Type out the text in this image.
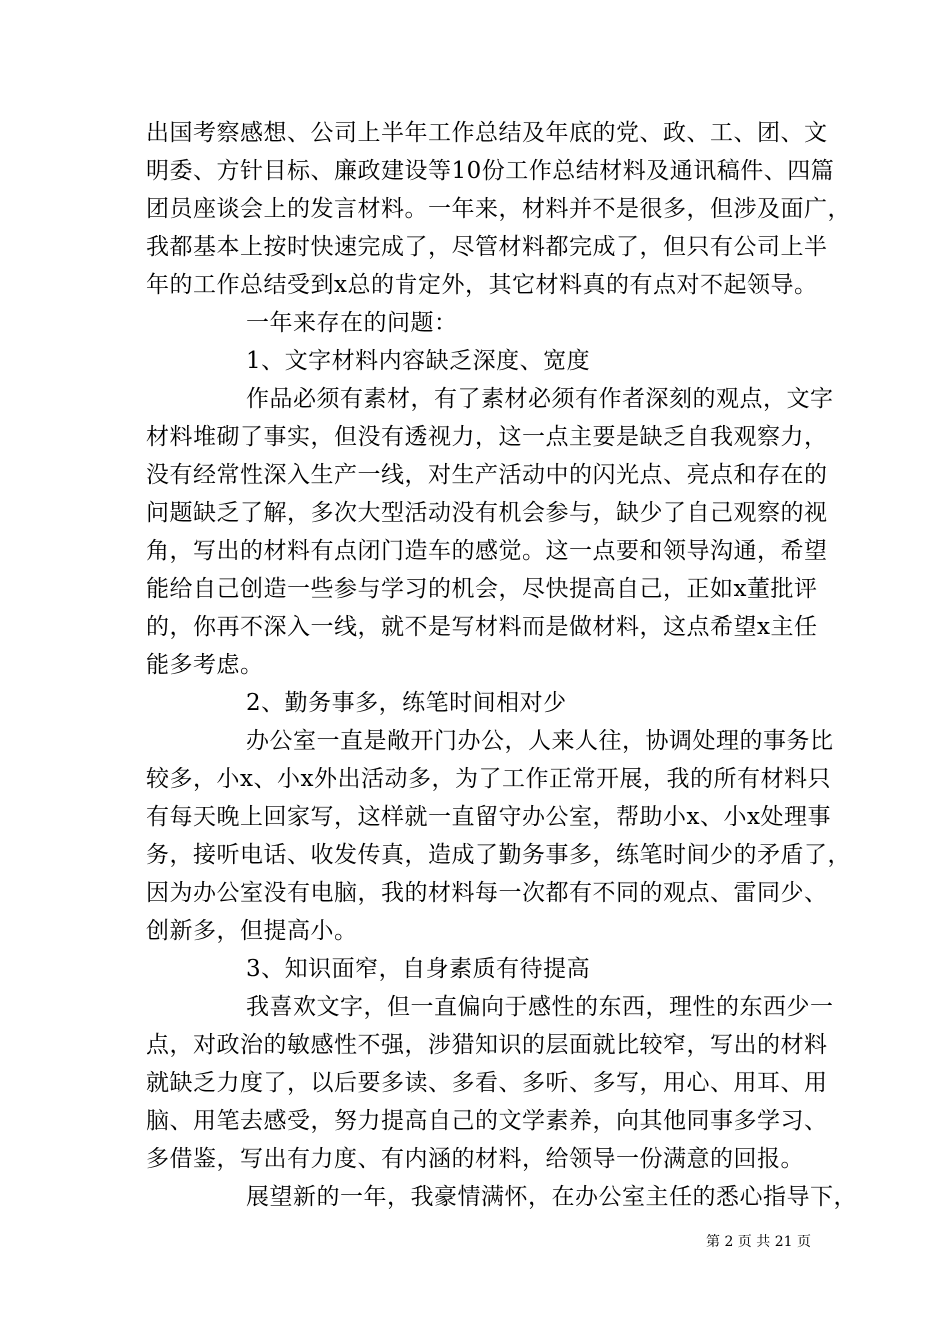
出国考察感想、公司上半年工作总结及年底的党、政、工、团、文
明委、方针目标、廉政建设等10份工作总结材料及通讯稿件、四篇
团员座谈会上的发言材料。一年来，材料并不是很多，但涉及面广，
我都基本上按时快速完成了，尽管材料都完成了，但只有公司上半
年的工作总结受到x总的肯定外，其它材料真的有点对不起领导。
一年来存在的问题：
1、文字材料内容缺乏深度、宽度
作品必须有素材，有了素材必须有作者深刻的观点，文字
材料堆砌了事实，但没有透视力，这一点主要是缺乏自我观察力，
没有经常性深入生产一线，对生产活动中的闪光点、亮点和存在的
问题缺乏了解，多次大型活动没有机会参与，缺少了自己观察的视
角，写出的材料有点闭门造车的感觉。这一点要和领导沟通，希望
能给自己创造一些参与学习的机会，尽快提高自己，正如x董批评
的，你再不深入一线，就不是写材料而是做材料，这点希望x主任
能多考虑。
2、勤务事多，练笔时间相对少
办公室一直是敞开门办公，人来人往，协调处理的事务比
较多，小x、小x外出活动多，为了工作正常开展，我的所有材料只
有每天晚上回家写，这样就一直留守办公室，帮助小x、小x处理事
务，接听电话、收发传真，造成了勤务事多，练笔时间少的矛盾了，
因为办公室没有电脑，我的材料每一次都有不同的观点、雷同少、
创新多，但提高小。
3、知识面窄，自身素质有待提高
我喜欢文字，但一直偏向于感性的东西，理性的东西少一
点，对政治的敏感性不强，涉猎知识的层面就比较窄，写出的材料
就缺乏力度了，以后要多读、多看、多听、多写，用心、用耳、用
脑、用笔去感受，努力提高自己的文学素养，向其他同事多学习、
多借鉴，写出有力度、有内涵的材料，给领导一份满意的回报。
展望新的一年，我豪情满怀，在办公室主任的悉心指导下，
第 2 页 共 21 页
